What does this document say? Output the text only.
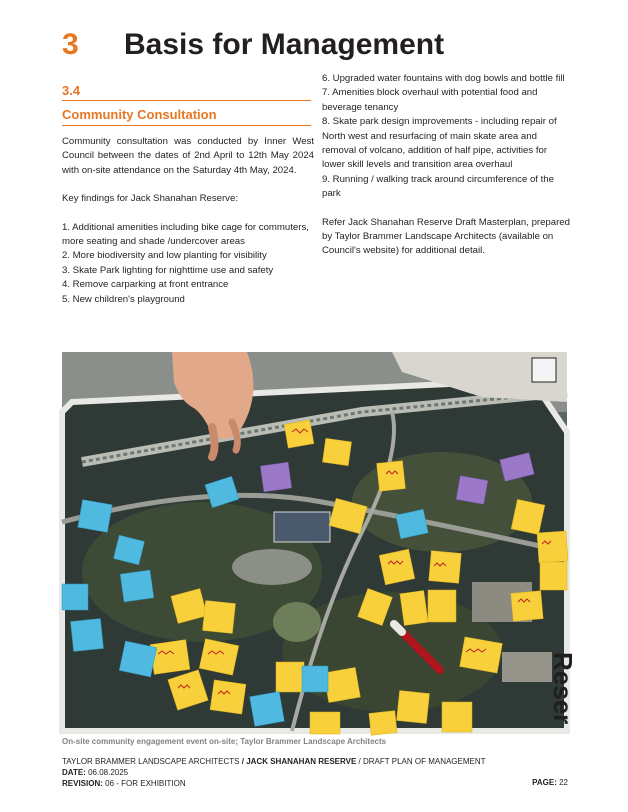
3 Basis for Management
3.4
Community Consultation

Community consultation was conducted by Inner West Council between the dates of 2nd April to 12th May 2024 with on-site attendance on the Saturday 4th May, 2024.

Key findings for Jack Shanahan Reserve:

1. Additional amenities including bike cage for commuters, more seating and shade /undercover areas

2. More biodiversity and low planting for visibility

3. Skate Park lighting for nighttime use and safety

4. Remove carparking at front entrance

5. New children's playground

6. Upgraded water fountains with dog bowls and bottle fill

7. Amenities block overhaul with potential food and beverage tenancy

8. Skate park design improvements - including repair of North west and resurfacing of main skate area and removal of volcano, addition of half pipe, activities for lower skill levels and transition area overhaul

9. Running / walking track around circumference of the park

Refer Jack Shanahan Reserve Draft Masterplan, prepared by Taylor Brammer Landscape Architects (available on Council's website) for additional detail.

Reser
On-site community engagement event on-site; Taylor Brammer Landscape Architects
TAYLOR BRAMMER LANDSCAPE ARCHITECTS / JACK SHANAHAN RESERVE / DRAFT PLAN OF MANAGEMENT
DATE: 06.08.2025
REVISION: 06 - FOR EXHIBITION	PAGE: 22
